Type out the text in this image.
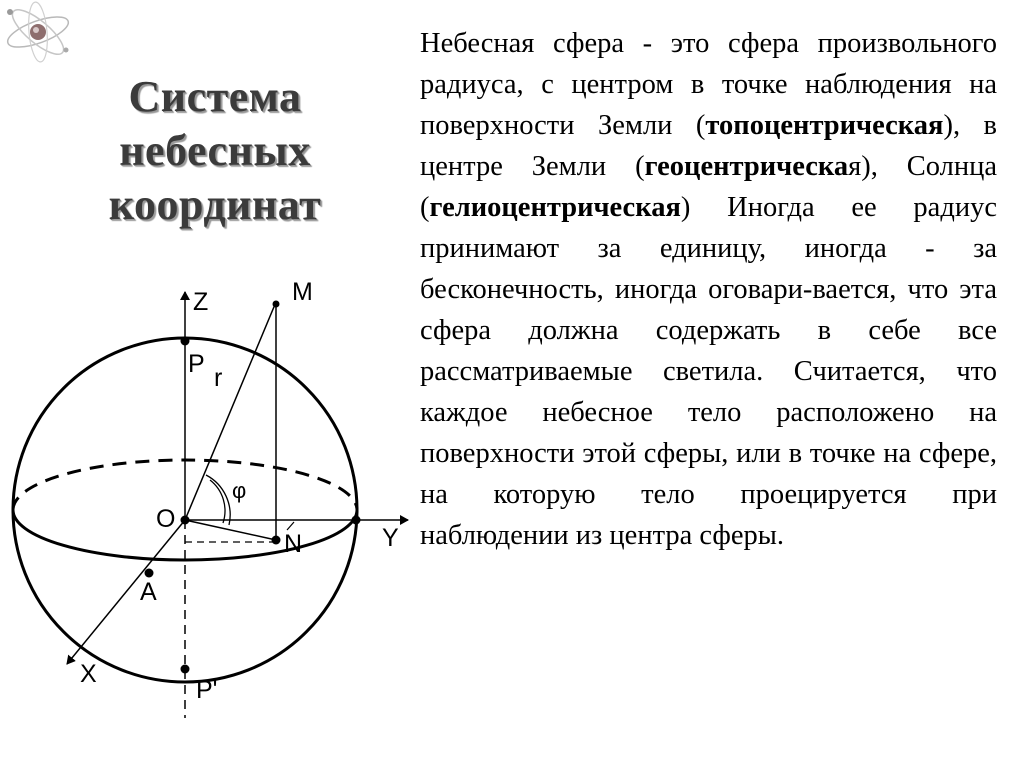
Система
небесных
координат
Небесная сфера - это сфера произвольного радиуса, с центром в точке наблюдения на поверхности Земли (топоцентрическая), в центре Земли (геоцентрическая), Солнца (гелиоцентрическая) Иногда ее радиус принимают за единицу, иногда - за бесконечность, иногда оговари-вается, что эта сфера должна содержать в себе все рассматриваемые светила. Считается, что каждое небесное тело расположено на поверхности этой сферы, или в точке на сфере, на которую тело проецируется при наблюдении из центра сферы.
Z	M
P r
φ
O
N	Y
A
X
P'
